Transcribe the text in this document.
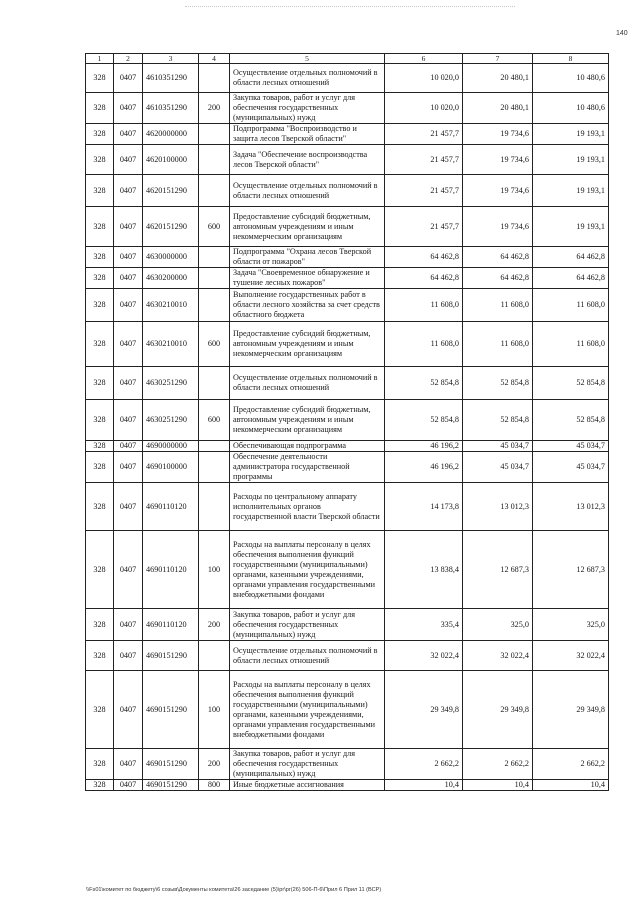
140
1	2	3	4	5	6	7	8
328	0407	4610351290		Осуществление отдельных полномочий в области лесных отношений	10 020,0	20 480,1	10 480,6
328	0407	4610351290	200	Закупка товаров, работ и услуг для обеспечения государственных (муниципальных) нужд	10 020,0	20 480,1	10 480,6
328	0407	4620000000		Подпрограмма "Воспроизводство и защита лесов Тверской области"	21 457,7	19 734,6	19 193,1
328	0407	4620100000		Задача "Обеспечение воспроизводства лесов Тверской области"	21 457,7	19 734,6	19 193,1
328	0407	4620151290		Осуществление отдельных полномочий в области лесных отношений	21 457,7	19 734,6	19 193,1
328	0407	4620151290	600	Предоставление субсидий бюджетным, автономным учреждениям и иным некоммерческим организациям	21 457,7	19 734,6	19 193,1
328	0407	4630000000		Подпрограмма "Охрана лесов Тверской области от пожаров"	64 462,8	64 462,8	64 462,8
328	0407	4630200000		Задача "Своевременное обнаружение и тушение лесных пожаров"	64 462,8	64 462,8	64 462,8
328	0407	4630210010		Выполнение государственных работ в области лесного хозяйства за счет средств областного бюджета	11 608,0	11 608,0	11 608,0
328	0407	4630210010	600	Предоставление субсидий бюджетным, автономным учреждениям и иным некоммерческим организациям	11 608,0	11 608,0	11 608,0
328	0407	4630251290		Осуществление отдельных полномочий в области лесных отношений	52 854,8	52 854,8	52 854,8
328	0407	4630251290	600	Предоставление субсидий бюджетным, автономным учреждениям и иным некоммерческим организациям	52 854,8	52 854,8	52 854,8
328	0407	4690000000		Обеспечивающая подпрограмма	46 196,2	45 034,7	45 034,7
328	0407	4690100000		Обеспечение деятельности администратора государственной программы	46 196,2	45 034,7	45 034,7
328	0407	4690110120		Расходы по центральному аппарату исполнительных органов государственной власти Тверской области	14 173,8	13 012,3	13 012,3
328	0407	4690110120	100	Расходы на выплаты персоналу в целях обеспечения выполнения функций государственными (муниципальными) органами, казенными учреждениями, органами управления государственными внебюджетными фондами	13 838,4	12 687,3	12 687,3
328	0407	4690110120	200	Закупка товаров, работ и услуг для обеспечения государственных (муниципальных) нужд	335,4	325,0	325,0
328	0407	4690151290		Осуществление отдельных полномочий в области лесных отношений	32 022,4	32 022,4	32 022,4
328	0407	4690151290	100	Расходы на выплаты персоналу в целях обеспечения выполнения функций государственными (муниципальными) органами, казенными учреждениями, органами управления государственными внебюджетными фондами	29 349,8	29 349,8	29 349,8
328	0407	4690151290	200	Закупка товаров, работ и услуг для обеспечения государственных (муниципальных) нужд	2 662,2	2 662,2	2 662,2
328	0407	4690151290	800	Иные бюджетные ассигнования	10,4	10,4	10,4
\\Fs01\комитет по бюджету\6 созыв\Документы комитета\26 заседание (5)\pr\pr(26) 506-П-6\Прил 6 Прил 11 (ВСР)
